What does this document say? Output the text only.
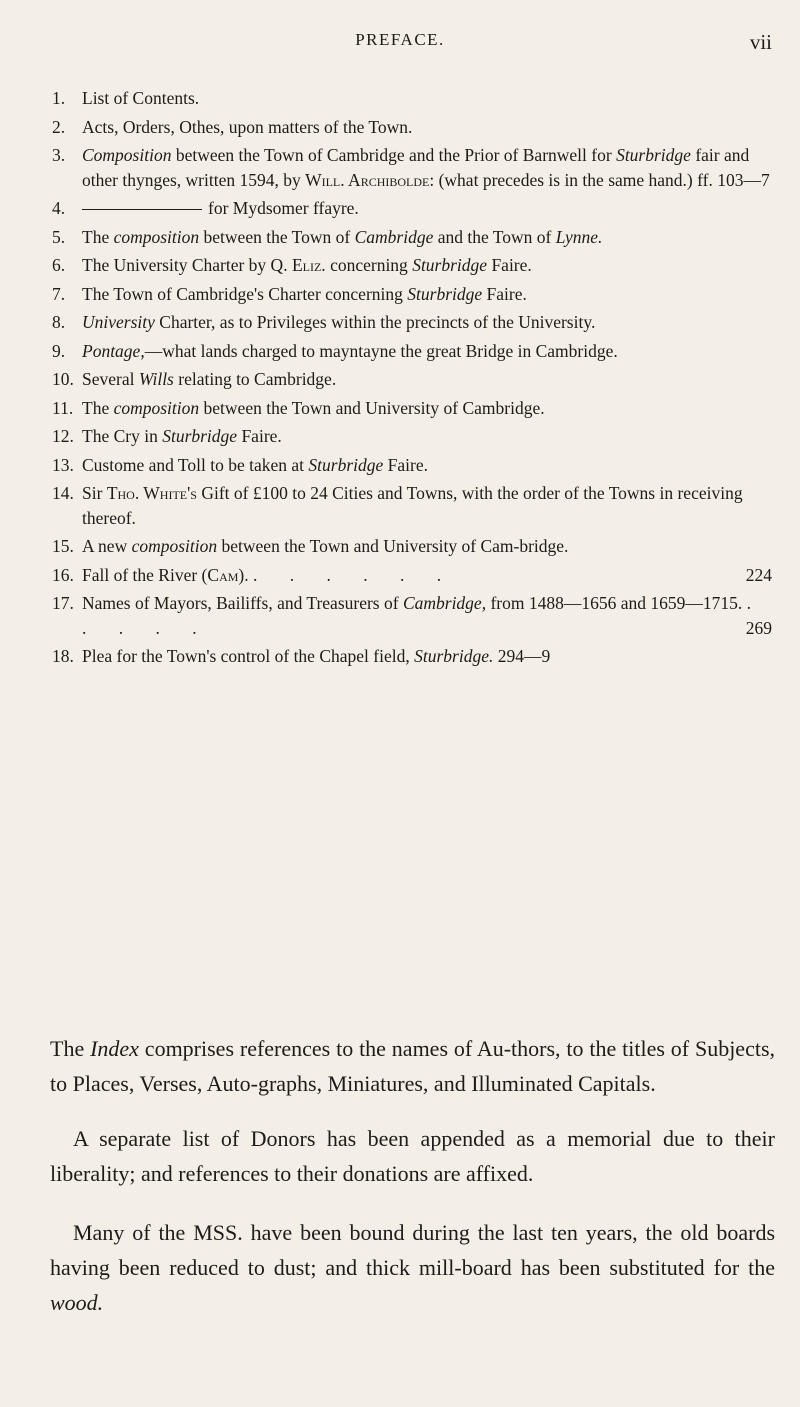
PREFACE.	vii
1. List of Contents.
2. Acts, Orders, Othes, upon matters of the Town.
3. Composition between the Town of Cambridge and the Prior of Barnwell for Sturbridge fair and other thynges, written 1594, by Will. Archibolde: (what precedes is in the same hand.) ff. 103—7
4.	for Mydsomer ffayre.
5. The composition between the Town of Cambridge and the Town of Lynne.
6. The University Charter by Q. Eliz. concerning Sturbridge Faire.
7. The Town of Cambridge's Charter concerning Sturbridge Faire.
8. University Charter, as to Privileges within the precincts of the University.
9. Pontage,—what lands charged to mayntayne the great Bridge in Cambridge.
10. Several Wills relating to Cambridge.
11. The composition between the Town and University of Cambridge.
12. The Cry in Sturbridge Faire.
13. Custome and Toll to be taken at Sturbridge Faire.
14. Sir Tho. White's Gift of £100 to 24 Cities and Towns, with the order of the Towns in receiving thereof.
15. A new composition between the Town and University of Cam-bridge.
16. Fall of the River (Cam). . . . . . .	224
17. Names of Mayors, Bailiffs, and Treasurers of Cambridge, from 1488—1656 and 1659—1715. . . . . .	269
18. Plea for the Town's control of the Chapel field, Sturbridge. 294—9

The Index comprises references to the names of Au-thors, to the titles of Subjects, to Places, Verses, Auto-graphs, Miniatures, and Illuminated Capitals.

A separate list of Donors has been appended as a memorial due to their liberality; and references to their donations are affixed.

Many of the MSS. have been bound during the last ten years, the old boards having been reduced to dust; and thick mill-board has been substituted for the wood.
